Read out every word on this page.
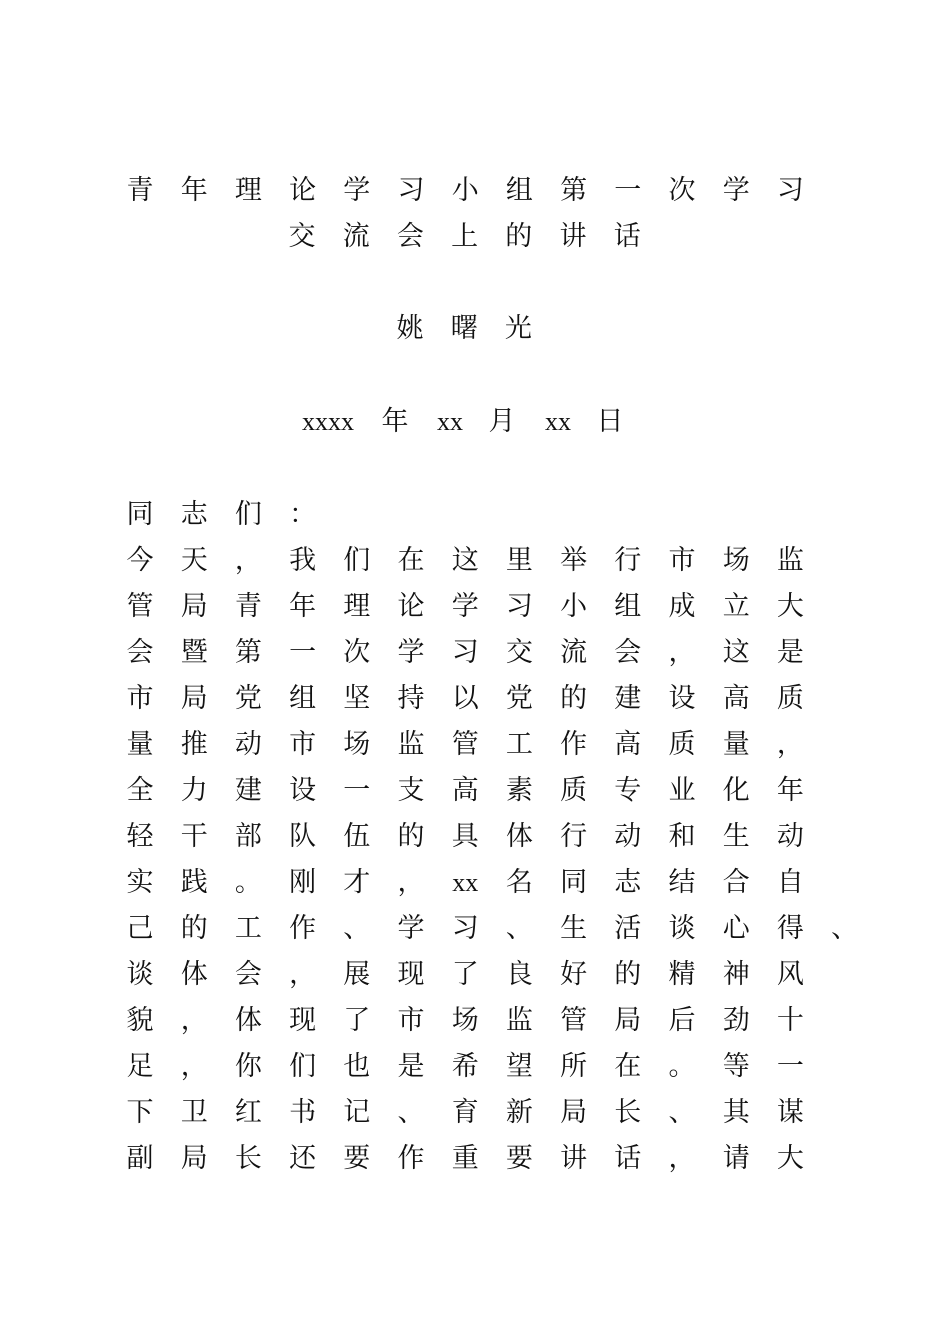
青 年 理 论 学 习 小 组 第 一 次 学 习
交 流 会 上 的 讲 话
姚 曙 光
xxxx 年 xx 月 xx 日
同 志 们 ：
今 天 ， 我 们 在 这 里 举 行 市 场 监
管 局 青 年 理 论 学 习 小 组 成 立 大
会 暨 第 一 次 学 习 交 流 会 ， 这 是
市 局 党 组 坚 持 以 党 的 建 设 高 质
量 推 动 市 场 监 管 工 作 高 质 量 ，
全 力 建 设 一 支 高 素 质 专 业 化 年
轻 干 部 队 伍 的 具 体 行 动 和 生 动
实 践 。 刚 才 ， xx 名 同 志 结 合 自
己 的 工 作 、 学 习 、 生 活 谈 心 得 、
谈 体 会 ， 展 现 了 良 好 的 精 神 风
貌 ， 体 现 了 市 场 监 管 局 后 劲 十
足 ， 你 们 也 是 希 望 所 在 。 等 一
下 卫 红 书 记 、 育 新 局 长 、 其 谋
副 局 长 还 要 作 重 要 讲 话 ， 请 大
